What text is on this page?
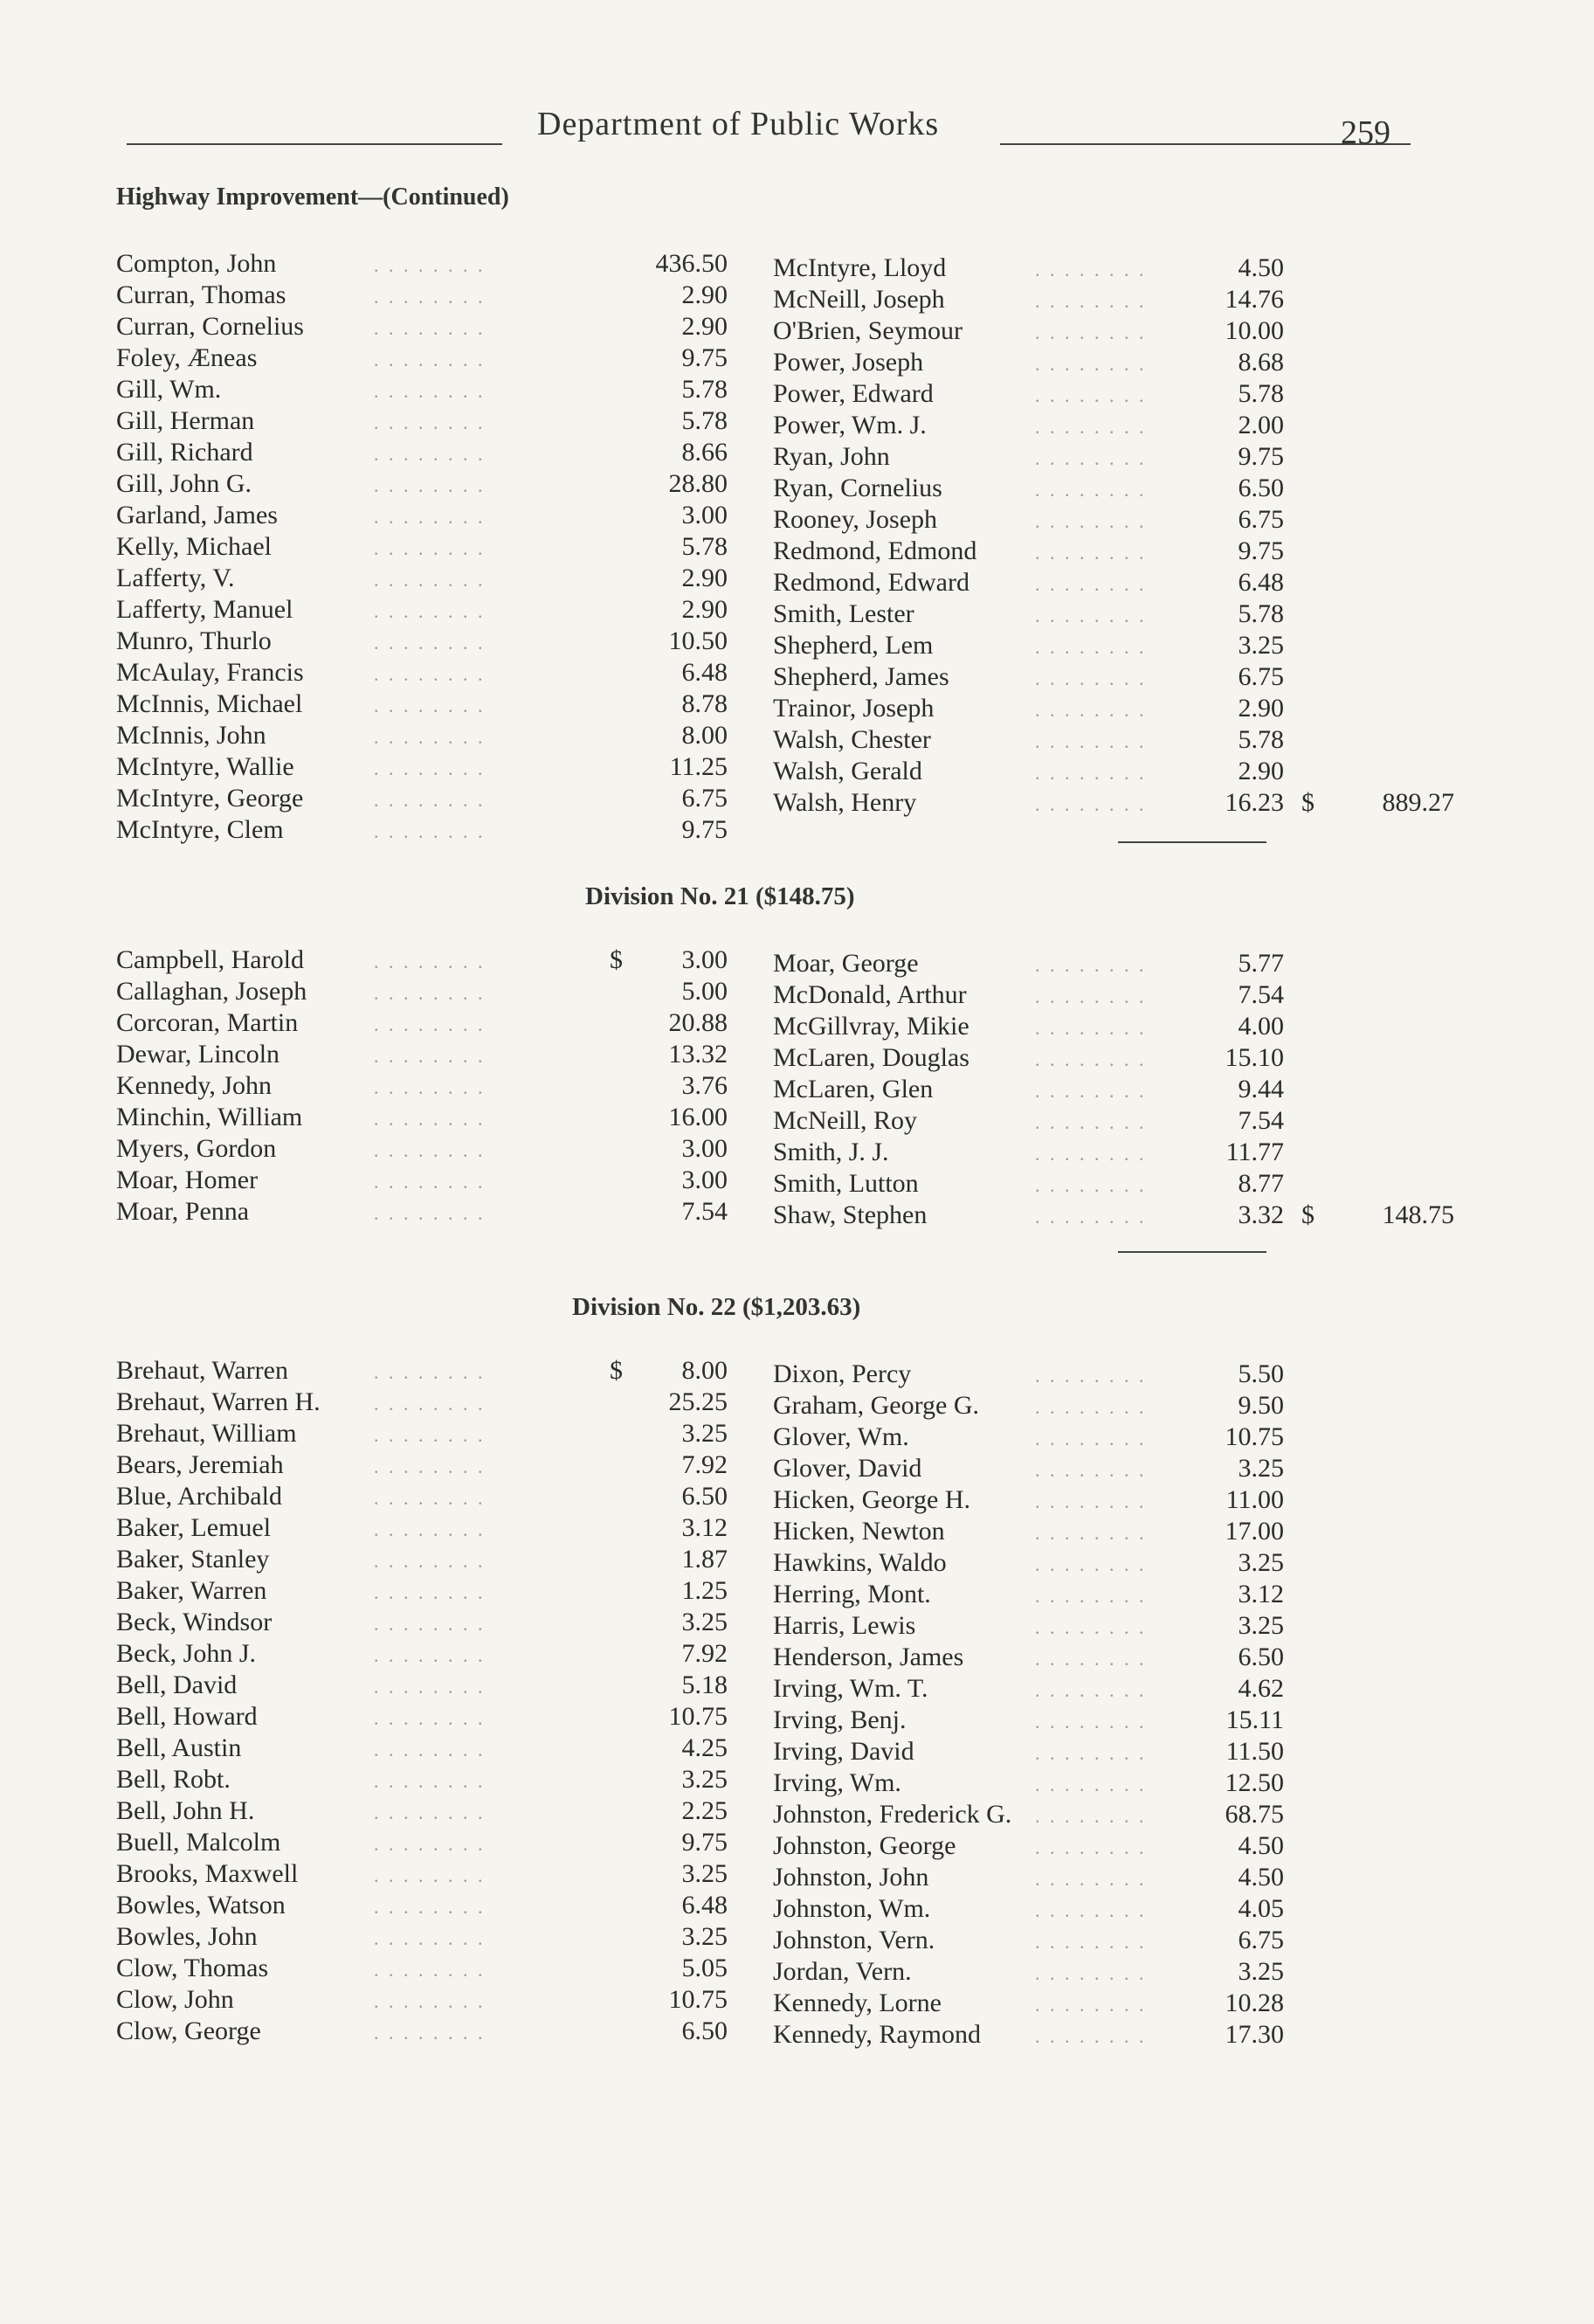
Department of Public Works	259
Highway Improvement—(Continued)
Compton, John	. . . . . . . .	436.50
Curran, Thomas	. . . . . . . .	2.90
Curran, Cornelius	. . . . . . . .	2.90
Foley, Æneas	. . . . . . . .	9.75
Gill, Wm.	. . . . . . . .	5.78
Gill, Herman	. . . . . . . .	5.78
Gill, Richard	. . . . . . . .	8.66
Gill, John G.	. . . . . . . .	28.80
Garland, James	. . . . . . . .	3.00
Kelly, Michael	. . . . . . . .	5.78
Lafferty, V.	. . . . . . . .	2.90
Lafferty, Manuel	. . . . . . . .	2.90
Munro, Thurlo	. . . . . . . .	10.50
McAulay, Francis	. . . . . . . .	6.48
McInnis, Michael	. . . . . . . .	8.78
McInnis, John	. . . . . . . .	8.00
McIntyre, Wallie	. . . . . . . .	11.25
McIntyre, George	. . . . . . . .	6.75
McIntyre, Clem	. . . . . . . .	9.75
McIntyre, Lloyd	. . . . . . . .	4.50
McNeill, Joseph	. . . . . . . .	14.76
O'Brien, Seymour	. . . . . . . .	10.00
Power, Joseph	. . . . . . . .	8.68
Power, Edward	. . . . . . . .	5.78
Power, Wm. J.	. . . . . . . .	2.00
Ryan, John	. . . . . . . .	9.75
Ryan, Cornelius	. . . . . . . .	6.50
Rooney, Joseph	. . . . . . . .	6.75
Redmond, Edmond	. . . . . . . .	9.75
Redmond, Edward	. . . . . . . .	6.48
Smith, Lester	. . . . . . . .	5.78
Shepherd, Lem	. . . . . . . .	3.25
Shepherd, James	. . . . . . . .	6.75
Trainor, Joseph	. . . . . . . .	2.90
Walsh, Chester	. . . . . . . .	5.78
Walsh, Gerald	. . . . . . . .	2.90
Walsh, Henry	. . . . . . . .	16.23 $	889.27
Division No. 21 ($148.75)
Campbell, Harold	. . . . . . . .	$	3.00
Callaghan, Joseph	. . . . . . . .	5.00
Corcoran, Martin	. . . . . . . .	20.88
Dewar, Lincoln	. . . . . . . .	13.32
Kennedy, John	. . . . . . . .	3.76
Minchin, William	. . . . . . . .	16.00
Myers, Gordon	. . . . . . . .	3.00
Moar, Homer	. . . . . . . .	3.00
Moar, Penna	. . . . . . . .	7.54
Moar, George	. . . . . . . .	5.77
McDonald, Arthur	. . . . . . . .	7.54
McGillvray, Mikie	. . . . . . . .	4.00
McLaren, Douglas	. . . . . . . .	15.10
McLaren, Glen	. . . . . . . .	9.44
McNeill, Roy	. . . . . . . .	7.54
Smith, J. J.	. . . . . . . .	11.77
Smith, Lutton	. . . . . . . .	8.77
Shaw, Stephen	. . . . . . . .	3.32 $	148.75
Division No. 22 ($1,203.63)
Brehaut, Warren	. . . . . . . .	$	8.00
Brehaut, Warren H.	. . . . . . . .	25.25
Brehaut, William	. . . . . . . .	3.25
Bears, Jeremiah	. . . . . . . .	7.92
Blue, Archibald	. . . . . . . .	6.50
Baker, Lemuel	. . . . . . . .	3.12
Baker, Stanley	. . . . . . . .	1.87
Baker, Warren	. . . . . . . .	1.25
Beck, Windsor	. . . . . . . .	3.25
Beck, John J.	. . . . . . . .	7.92
Bell, David	. . . . . . . .	5.18
Bell, Howard	. . . . . . . .	10.75
Bell, Austin	. . . . . . . .	4.25
Bell, Robt.	. . . . . . . .	3.25
Bell, John H.	. . . . . . . .	2.25
Buell, Malcolm	. . . . . . . .	9.75
Brooks, Maxwell	. . . . . . . .	3.25
Bowles, Watson	. . . . . . . .	6.48
Bowles, John	. . . . . . . .	3.25
Clow, Thomas	. . . . . . . .	5.05
Clow, John	. . . . . . . .	10.75
Clow, George	. . . . . . . .	6.50
Dixon, Percy	. . . . . . . .	5.50
Graham, George G.	. . . . . . . .	9.50
Glover, Wm.	. . . . . . . .	10.75
Glover, David	. . . . . . . .	3.25
Hicken, George H.	. . . . . . . .	11.00
Hicken, Newton	. . . . . . . .	17.00
Hawkins, Waldo	. . . . . . . .	3.25
Herring, Mont.	. . . . . . . .	3.12
Harris, Lewis	. . . . . . . .	3.25
Henderson, James	. . . . . . . .	6.50
Irving, Wm. T.	. . . . . . . .	4.62
Irving, Benj.	. . . . . . . .	15.11
Irving, David	. . . . . . . .	11.50
Irving, Wm.	. . . . . . . .	12.50
Johnston, Frederick G. . . . . . . . .	68.75
Johnston, George	. . . . . . . .	4.50
Johnston, John	. . . . . . . .	4.50
Johnston, Wm.	. . . . . . . .	4.05
Johnston, Vern.	. . . . . . . .	6.75
Jordan, Vern.	. . . . . . . .	3.25
Kennedy, Lorne	. . . . . . . .	10.28
Kennedy, Raymond	. . . . . . . .	17.30
